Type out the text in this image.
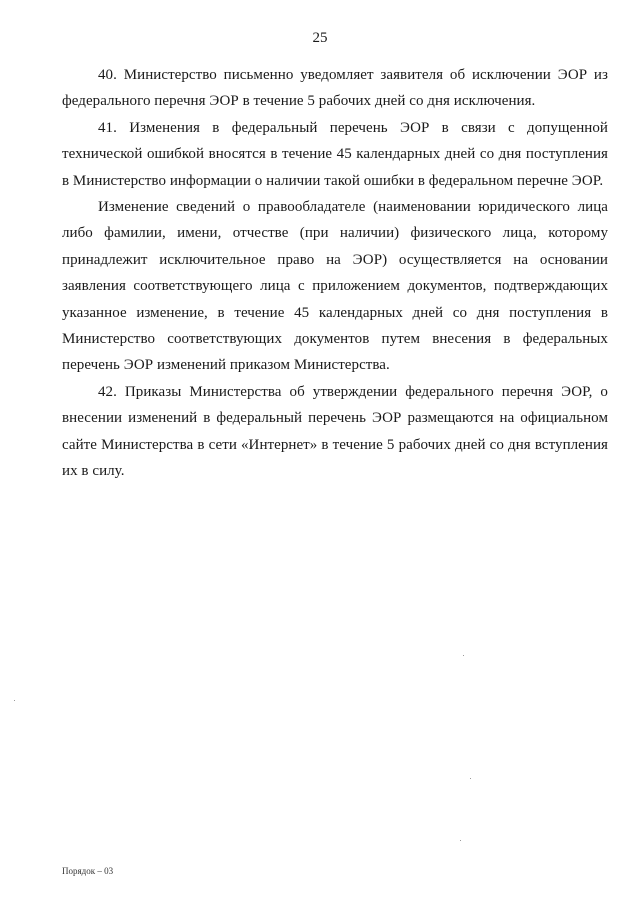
25

40. Министерство письменно уведомляет заявителя об исключении ЭОР из федерального перечня ЭОР в течение 5 рабочих дней со дня исключения.

41. Изменения в федеральный перечень ЭОР в связи с допущенной технической ошибкой вносятся в течение 45 календарных дней со дня поступления в Министерство информации о наличии такой ошибки в федеральном перечне ЭОР.

Изменение сведений о правообладателе (наименовании юридического лица либо фамилии, имени, отчестве (при наличии) физического лица, которому принадлежит исключительное право на ЭОР) осуществляется на основании заявления соответствующего лица с приложением документов, подтверждающих указанное изменение, в течение 45 календарных дней со дня поступления в Министерство соответствующих документов путем внесения в федеральных перечень ЭОР изменений приказом Министерства.

42. Приказы Министерства об утверждении федерального перечня ЭОР, о внесении изменений в федеральный перечень ЭОР размещаются на официальном сайте Министерства в сети «Интернет» в течение 5 рабочих дней со дня вступления их в силу.

Порядок – 03
